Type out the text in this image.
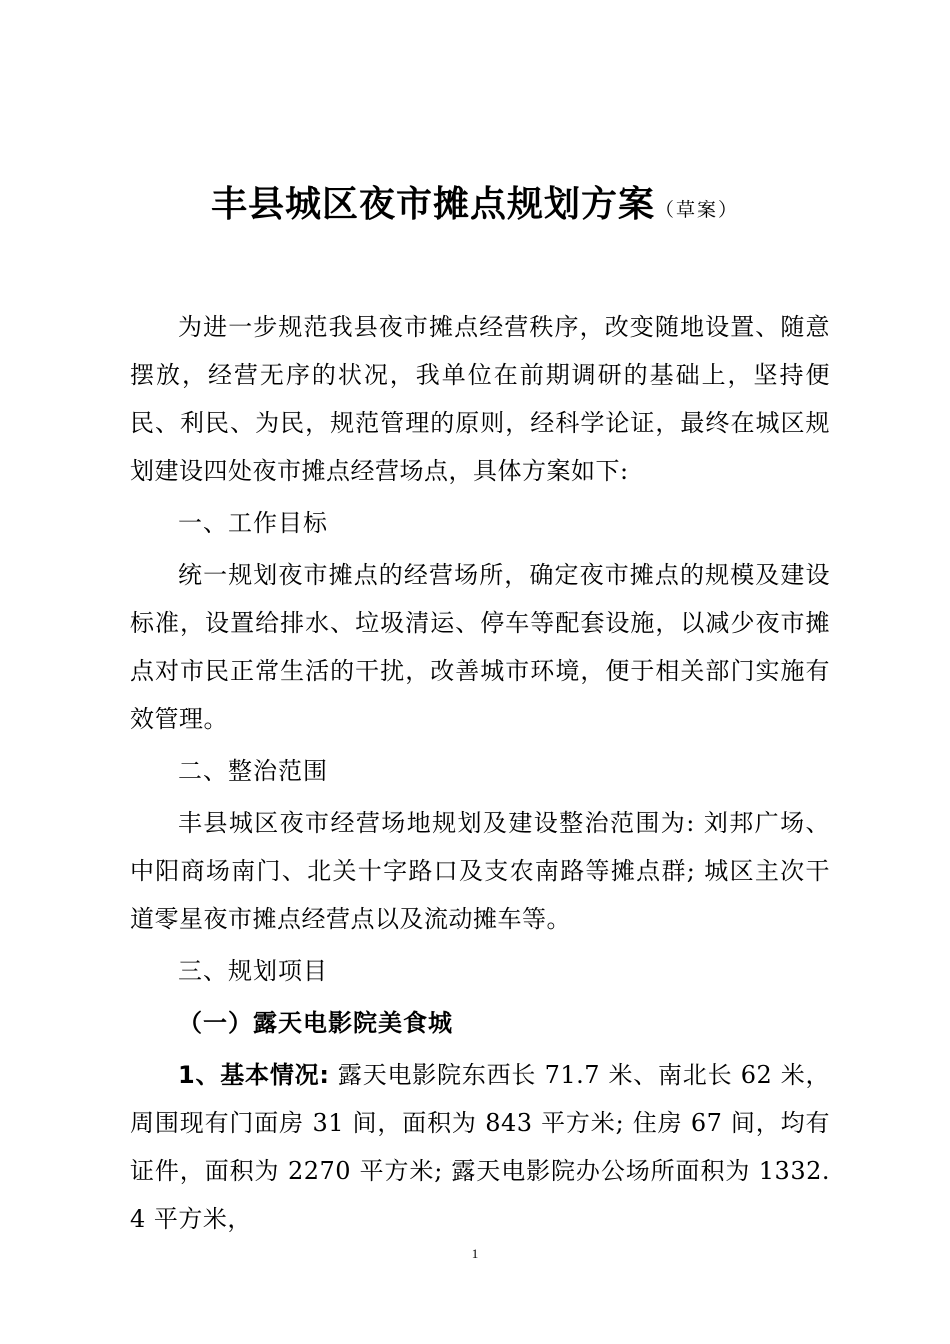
丰县城区夜市摊点规划方案（草案）

为进一步规范我县夜市摊点经营秩序，改变随地设置、随意摆放，经营无序的状况，我单位在前期调研的基础上，坚持便民、利民、为民，规范管理的原则，经科学论证，最终在城区规划建设四处夜市摊点经营场点，具体方案如下:

一、工作目标

统一规划夜市摊点的经营场所，确定夜市摊点的规模及建设标准，设置给排水、垃圾清运、停车等配套设施，以减少夜市摊点对市民正常生活的干扰，改善城市环境，便于相关部门实施有效管理。

二、整治范围

丰县城区夜市经营场地规划及建设整治范围为: 刘邦广场、中阳商场南门、北关十字路口及支农南路等摊点群; 城区主次干道零星夜市摊点经营点以及流动摊车等。

三、规划项目
（一）露天电影院美食城

1、基本情况: 露天电影院东西长 71.7 米、南北长 62 米，周围现有门面房 31 间，面积为 843 平方米; 住房 67 间，均有证件，面积为 2270 平方米; 露天电影院办公场所面积为 1332.4 平方米，

1
